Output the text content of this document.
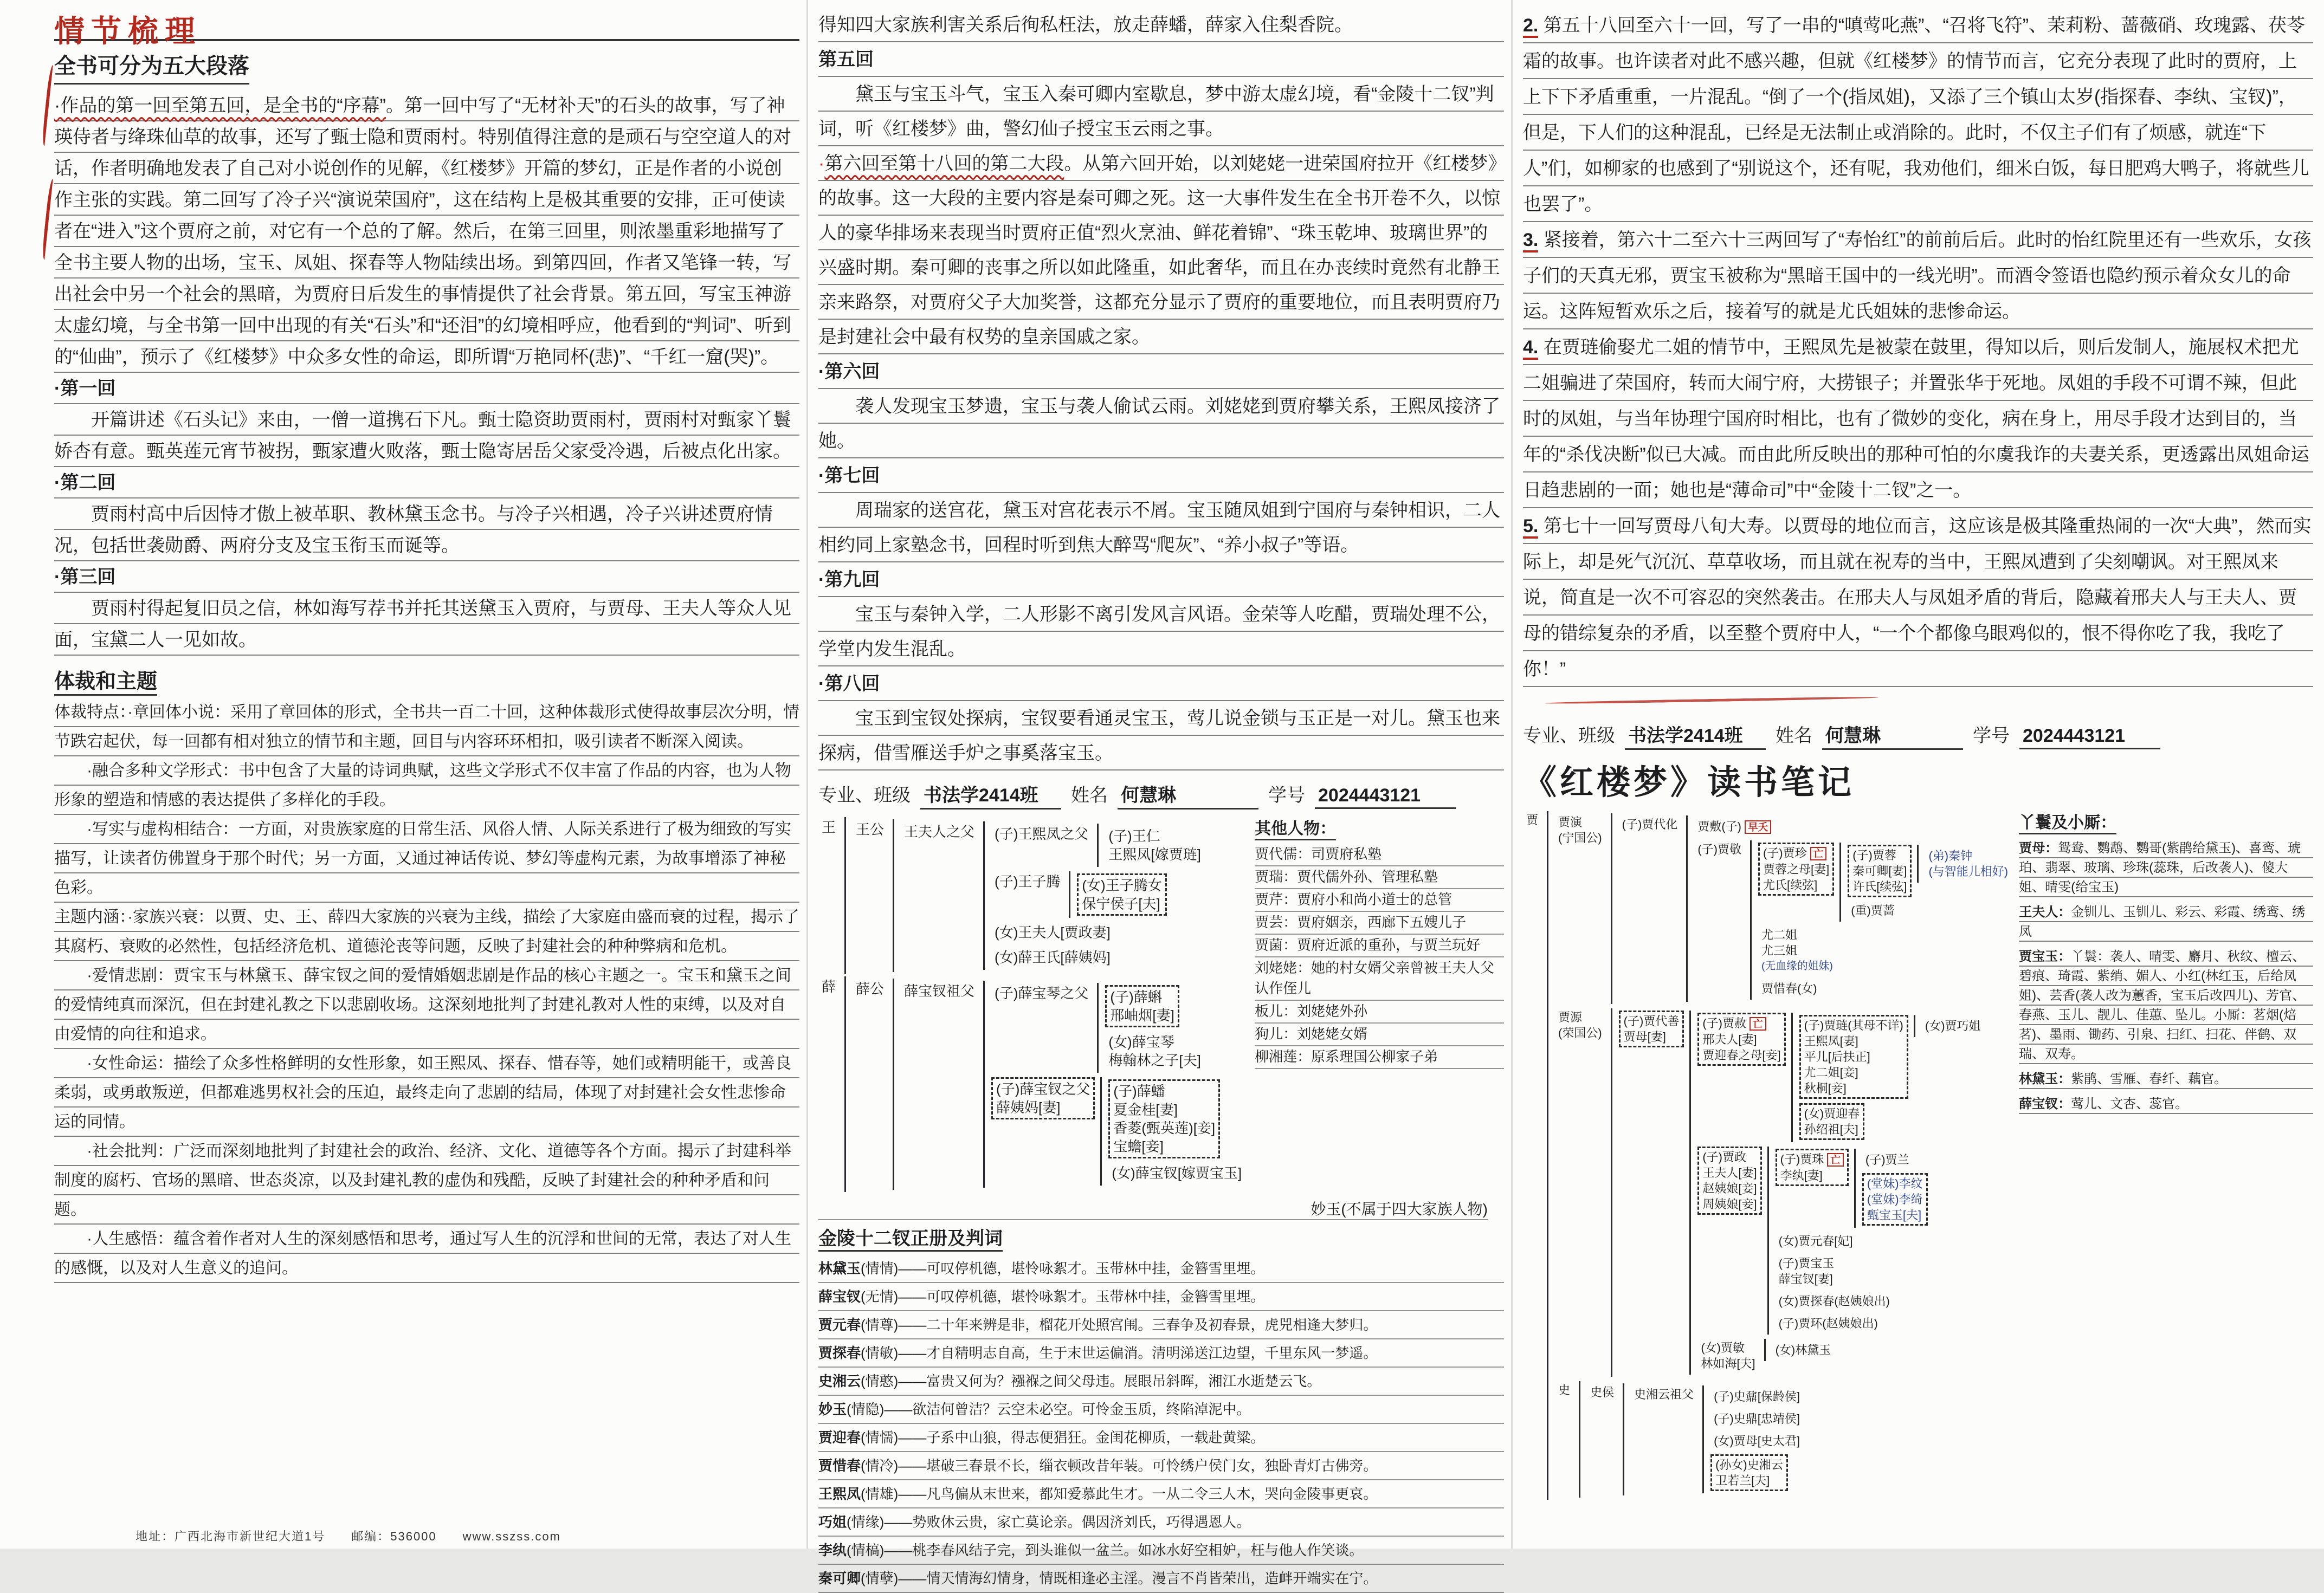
情节梳理
全书可分为五大段落

·作品的第一回至第五回，是全书的“序幕”。第一回中写了“无材补天”的石头的故事，写了神瑛侍者与绛珠仙草的故事，还写了甄士隐和贾雨村。特别值得注意的是顽石与空空道人的对话，作者明确地发表了自己对小说创作的见解，《红楼梦》开篇的梦幻，正是作者的小说创作主张的实践。第二回写了冷子兴“演说荣国府”，这在结构上是极其重要的安排，正可使读者在“进入”这个贾府之前，对它有一个总的了解。然后，在第三回里，则浓墨重彩地描写了全书主要人物的出场，宝玉、凤姐、探春等人物陆续出场。到第四回，作者又笔锋一转，写出社会中另一个社会的黑暗，为贾府日后发生的事情提供了社会背景。第五回，写宝玉神游太虚幻境，与全书第一回中出现的有关“石头”和“还泪”的幻境相呼应，他看到的“判词”、听到的“仙曲”，预示了《红楼梦》中众多女性的命运，即所谓“万艳同杯(悲)”、“千红一窟(哭)”。

·第一回
　　开篇讲述《石头记》来由，一僧一道携石下凡。甄士隐资助贾雨村，贾雨村对甄家丫鬟娇杏有意。甄英莲元宵节被拐，甄家遭火败落，甄士隐寄居岳父家受冷遇，后被点化出家。
·第二回
　　贾雨村高中后因恃才傲上被革职、教林黛玉念书。与冷子兴相遇，冷子兴讲述贾府情况，包括世袭勋爵、两府分支及宝玉衔玉而诞等。
·第三回
　　贾雨村得起复旧员之信，林如海写荐书并托其送黛玉入贾府，与贾母、王夫人等众人见面，宝黛二人一见如故。
体裁和主题

体裁特点：·章回体小说：采用了章回体的形式，全书共一百二十回，这种体裁形式使得故事层次分明，情节跌宕起伏，每一回都有相对独立的情节和主题，回目与内容环环相扣，吸引读者不断深入阅读。

　　·融合多种文学形式：书中包含了大量的诗词典赋，这些文学形式不仅丰富了作品的内容，也为人物形象的塑造和情感的表达提供了多样化的手段。

　　·写实与虚构相结合：一方面，对贵族家庭的日常生活、风俗人情、人际关系进行了极为细致的写实描写，让读者仿佛置身于那个时代；另一方面，又通过神话传说、梦幻等虚构元素，为故事增添了神秘色彩。

主题内涵：·家族兴衰：以贾、史、王、薛四大家族的兴衰为主线，描绘了大家庭由盛而衰的过程，揭示了其腐朽、衰败的必然性，包括经济危机、道德沦丧等问题，反映了封建社会的种种弊病和危机。

　　·爱情悲剧：贾宝玉与林黛玉、薛宝钗之间的爱情婚姻悲剧是作品的核心主题之一。宝玉和黛玉之间的爱情纯真而深沉，但在封建礼教之下以悲剧收场。这深刻地批判了封建礼教对人性的束缚，以及对自由爱情的向往和追求。

　　·女性命运：描绘了众多性格鲜明的女性形象，如王熙凤、探春、惜春等，她们或精明能干，或善良柔弱，或勇敢叛逆，但都难逃男权社会的压迫，最终走向了悲剧的结局，体现了对封建社会女性悲惨命运的同情。

　　·社会批判：广泛而深刻地批判了封建社会的政治、经济、文化、道德等各个方面。揭示了封建科举制度的腐朽、官场的黑暗、世态炎凉，以及封建礼教的虚伪和残酷，反映了封建社会的种种矛盾和问题。

　　·人生感悟：蕴含着作者对人生的深刻感悟和思考，通过写人生的沉浮和世间的无常，表达了对人生的感慨，以及对人生意义的追问。

地址：广西北海市新世纪大道1号　　邮编：536000　　www.sszss.com

得知四大家族利害关系后徇私枉法，放走薛蟠，薛家入住梨香院。

第五回

　　黛玉与宝玉斗气，宝玉入秦可卿内室歇息，梦中游太虚幻境，看“金陵十二钗”判词，听《红楼梦》曲，警幻仙子授宝玉云雨之事。

·第六回至第十八回的第二大段。从第六回开始，以刘姥姥一进荣国府拉开《红楼梦》的故事。这一大段的主要内容是秦可卿之死。这一大事件发生在全书开卷不久，以惊人的豪华排场来表现当时贾府正值“烈火烹油、鲜花着锦”、“珠玉乾坤、玻璃世界”的兴盛时期。秦可卿的丧事之所以如此隆重，如此奢华，而且在办丧续时竟然有北静王亲来路祭，对贾府父子大加奖誉，这都充分显示了贾府的重要地位，而且表明贾府乃是封建社会中最有权势的皇亲国戚之家。

·第六回
　　袭人发现宝玉梦遗，宝玉与袭人偷试云雨。刘姥姥到贾府攀关系，王熙凤接济了她。
·第七回
　　周瑞家的送宫花，黛玉对宫花表示不屑。宝玉随凤姐到宁国府与秦钟相识，二人相约同上家塾念书，回程时听到焦大醉骂“爬灰”、“养小叔子”等语。
·第九回
　　宝玉与秦钟入学，二人形影不离引发风言风语。金荣等人吃醋，贾瑞处理不公，学堂内发生混乱。
·第八回
　　宝玉到宝钗处探病，宝钗要看通灵宝玉，莺儿说金锁与玉正是一对儿。黛玉也来探病，借雪雁送手炉之事奚落宝玉。
专业、班级 书法学2414班	姓名 何慧琳	学号 2024443121
王 王公 王夫人之父 (子)王熙凤之父 (子)王仁
王熙凤[嫁贾琏]
(子)王子腾 (女)王子腾女
保宁侯子[夫]
(女)王夫人[贾政妻]
(女)薛王氏[薛姨妈]
薛 薛公 薛宝钗祖父 (子)薛宝琴之父 (子)薛蝌
邢岫烟[妻]
(女)薛宝琴
梅翰林之子[夫]
(子)薛宝钗之父
薛姨妈[妻]
(子)薛蟠
夏金桂[妻]
香菱(甄英莲)[妾]
宝蟾[妾]
(女)薛宝钗[嫁贾宝玉]
其他人物：

贾代儒：司贾府私塾

贾瑞：贾代儒外孙、管理私塾

贾芹：贾府小和尚小道士的总管

贾芸：贾府姻亲，西廊下五嫂儿子

贾菌：贾府近派的重孙，与贾兰玩好

刘姥姥：她的村女婿父亲曾被王夫人父认作侄儿

板儿：刘姥姥外孙

狗儿：刘姥姥女婿

柳湘莲：原系理国公柳家子弟

妙玉(不属于四大家族人物)
金陵十二钗正册及判词
林黛玉(情情)——可叹停机德，堪怜咏絮才。玉带林中挂，金簪雪里埋。
薛宝钗(无情)——可叹停机德，堪怜咏絮才。玉带林中挂，金簪雪里埋。
贾元春(情尊)——二十年来辨是非，榴花开处照宫闱。三春争及初春景，虎兕相逢大梦归。
贾探春(情敏)——才自精明志自高，生于末世运偏消。清明涕送江边望，千里东风一梦遥。
史湘云(情憨)——富贵又何为？襁褓之间父母违。展眼吊斜晖，湘江水逝楚云飞。
妙玉(情隐)——欲洁何曾洁？云空未必空。可怜金玉质，终陷淖泥中。
贾迎春(情懦)——子系中山狼，得志便猖狂。金闺花柳质，一载赴黄粱。
贾惜春(情冷)——堪破三春景不长，缁衣顿改昔年装。可怜绣户侯门女，独卧青灯古佛旁。
王熙凤(情雄)——凡鸟偏从末世来，都知爱慕此生才。一从二令三人木，哭向金陵事更哀。
巧姐(情缘)——势败休云贵，家亡莫论亲。偶因济刘氏，巧得遇恩人。
李纨(情槁)——桃李春风结子完，到头谁似一盆兰。如冰水好空相妒，枉与他人作笑谈。
秦可卿(情孽)——情天情海幻情身，情既相逢必主淫。漫言不肖皆荣出，造衅开端实在宁。

2. 第五十八回至六十一回，写了一串的“嗔莺叱燕”、“召将飞符”、茉莉粉、蔷薇硝、玫瑰露、茯苓霜的故事。也许读者对此不感兴趣，但就《红楼梦》的情节而言，它充分表现了此时的贾府，上上下下矛盾重重，一片混乱。“倒了一个(指凤姐)，又添了三个镇山太岁(指探春、李纨、宝钗)”，但是，下人们的这种混乱，已经是无法制止或消除的。此时，不仅主子们有了烦感，就连“下人”们，如柳家的也感到了“别说这个，还有呢，我劝他们，细米白饭，每日肥鸡大鸭子，将就些儿也罢了”。

3. 紧接着，第六十二至六十三两回写了“寿怡红”的前前后后。此时的怡红院里还有一些欢乐，女孩子们的天真无邪，贾宝玉被称为“黑暗王国中的一线光明”。而酒令签语也隐约预示着众女儿的命运。这阵短暂欢乐之后，接着写的就是尤氏姐妹的悲惨命运。

4. 在贾琏偷娶尤二姐的情节中，王熙凤先是被蒙在鼓里，得知以后，则后发制人，施展权术把尤二姐骗进了荣国府，转而大闹宁府，大捞银子；并置张华于死地。凤姐的手段不可谓不辣，但此时的凤姐，与当年协理宁国府时相比，也有了微妙的变化，病在身上，用尽手段才达到目的，当年的“杀伐决断”似已大减。而由此所反映出的那种可怕的尔虞我诈的夫妻关系，更透露出凤姐命运日趋悲剧的一面；她也是“薄命司”中“金陵十二钗”之一。

5. 第七十一回写贾母八旬大寿。以贾母的地位而言，这应该是极其隆重热闹的一次“大典”，然而实际上，却是死气沉沉、草草收场，而且就在祝寿的当中，王熙凤遭到了尖刻嘲讽。对王熙凤来说，简直是一次不可容忍的突然袭击。在邢夫人与凤姐矛盾的背后，隐藏着邢夫人与王夫人、贾母的错综复杂的矛盾，以至整个贾府中人，“一个个都像乌眼鸡似的，恨不得你吃了我，我吃了你！”

专业、班级 书法学2414班	姓名 何慧琳	学号 2024443121
《红楼梦》读书笔记
贾 贾演
(宁国公)
(子)贾代化 贾敷(子) 早夭
(子)贾敬 (子)贾珍 亡
贾蓉之母[妻]
尤氏[续弦]
(子)贾蓉
秦可卿[妻]
许氏[续弦]
(弟)秦钟
(与智能儿相好)
(重)贾蔷
尤二姐
尤三姐
(无血缘的姐妹)
贾惜春(女)
贾源
(荣国公)
(子)贾代善
贾母[妻]
(子)贾赦 亡
邢夫人[妻]
贾迎春之母[妾]
(子)贾琏(其母不详)
王熙凤[妻]
平儿[后扶正]
尤二姐[妾]
秋桐[妾]
(女)贾巧姐
(女)贾迎春
孙绍祖[夫]
(子)贾政
王夫人[妻]
赵姨娘[妾]
周姨娘[妾]
(子)贾珠 亡
李纨[妻]
(子)贾兰
(堂妹)李纹
(堂妹)李绮
甄宝玉[夫]
(女)贾元春[妃]
(子)贾宝玉
薛宝钗[妻]
(女)贾探春(赵姨娘出)
(子)贾环(赵姨娘出)
(女)贾敏
林如海[夫]
(女)林黛玉
史 史侯 史湘云祖父 (子)史鼐[保龄侯]
(子)史鼎[忠靖侯]
(女)贾母[史太君]
(孙女)史湘云
卫若兰[夫]
丫鬟及小厮：

贾母：鸳鸯、鹦鹉、鹦哥(紫鹃给黛玉)、喜鸾、琥珀、翡翠、玻璃、珍珠(蕊珠，后改袭人)、傻大姐、晴雯(给宝玉)

王夫人：金钏儿、玉钏儿、彩云、彩霞、绣鸾、绣凤

贾宝玉：丫鬟：袭人、晴雯、麝月、秋纹、檀云、碧痕、琦霞、紫绡、媚人、小红(林红玉，后给凤姐)、芸香(袭人改为蕙香，宝玉后改四儿)、芳官、春燕、玉儿、靓儿、佳蕙、坠儿。小厮：茗烟(焙茗)、墨雨、锄药、引泉、扫红、扫花、伴鹤、双瑞、双寿。

林黛玉：紫鹃、雪雁、春纤、藕官。

薛宝钗：莺儿、文杏、蕊官。
